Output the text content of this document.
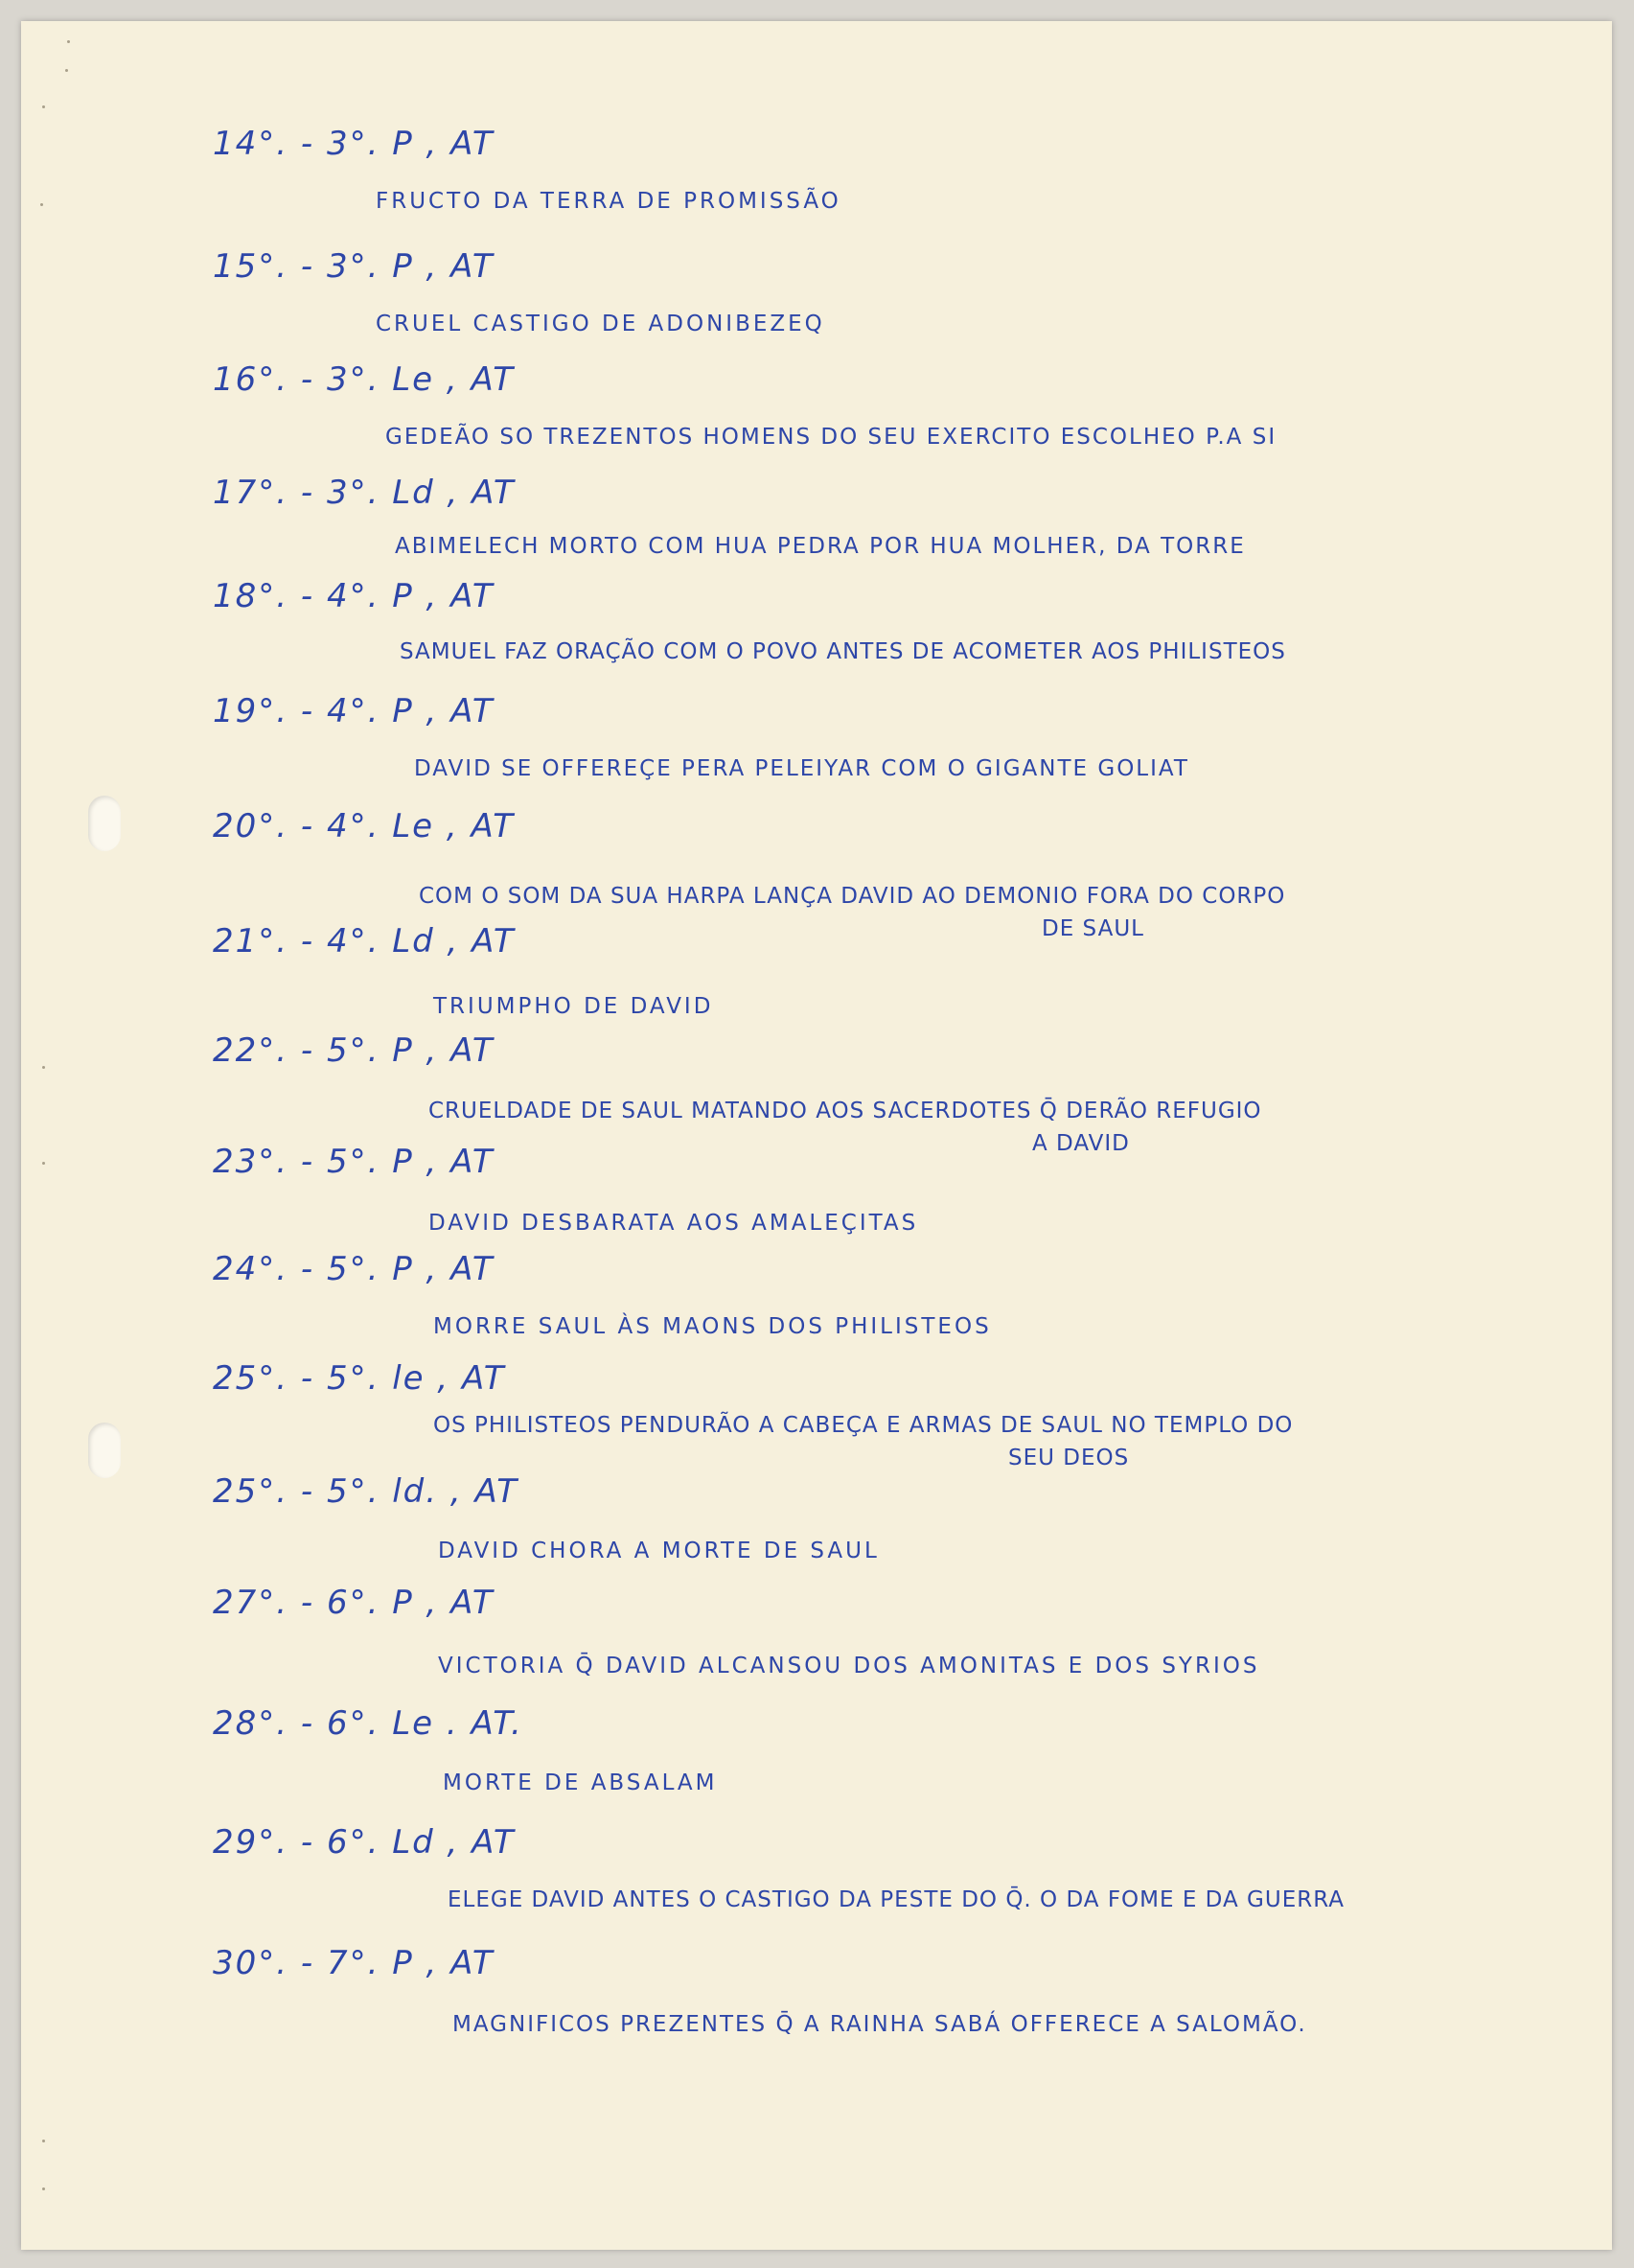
14°. - 3°. P , AT
FRUCTO DA TERRA DE PROMISSÃO
15°. - 3°. P , AT
CRUEL CASTIGO DE ADONIBEZEQ
16°. - 3°. Le , AT
GEDEÃO SO TREZENTOS HOMENS DO SEU EXERCITO ESCOLHEO P.A SI
17°. - 3°. Ld , AT
ABIMELECH MORTO COM HUA PEDRA POR HUA MOLHER, DA TORRE
18°. - 4°. P , AT
SAMUEL FAZ ORAÇÃO COM O POVO ANTES DE ACOMETER AOS PHILISTEOS
19°. - 4°. P , AT
DAVID SE OFFEREÇE PERA PELEIYAR COM O GIGANTE GOLIAT
20°. - 4°. Le , AT
COM O SOM DA SUA HARPA LANÇA DAVID AO DEMONIO FORA DO CORPO
DE SAUL
21°. - 4°. Ld , AT
TRIUMPHO DE DAVID
22°. - 5°. P , AT
CRUELDADE DE SAUL MATANDO AOS SACERDOTES Q̄ DERÃO REFUGIO
A DAVID
23°. - 5°. P , AT
DAVID DESBARATA AOS AMALEÇITAS
24°. - 5°. P , AT
MORRE SAUL ÀS MAONS DOS PHILISTEOS
25°. - 5°. le , AT
OS PHILISTEOS PENDURÃO A CABEÇA E ARMAS DE SAUL NO TEMPLO DO
SEU DEOS
25°. - 5°. ld. , AT
DAVID CHORA A MORTE DE SAUL
27°. - 6°. P , AT
VICTORIA Q̄ DAVID ALCANSOU DOS AMONITAS E DOS SYRIOS
28°. - 6°. Le . AT.
MORTE DE ABSALAM
29°. - 6°. Ld , AT
ELEGE DAVID ANTES O CASTIGO DA PESTE DO Q̄. O DA FOME E DA GUERRA
30°. - 7°. P , AT
MAGNIFICOS PREZENTES Q̄ A RAINHA SABÁ OFFERECE A SALOMÃO.
